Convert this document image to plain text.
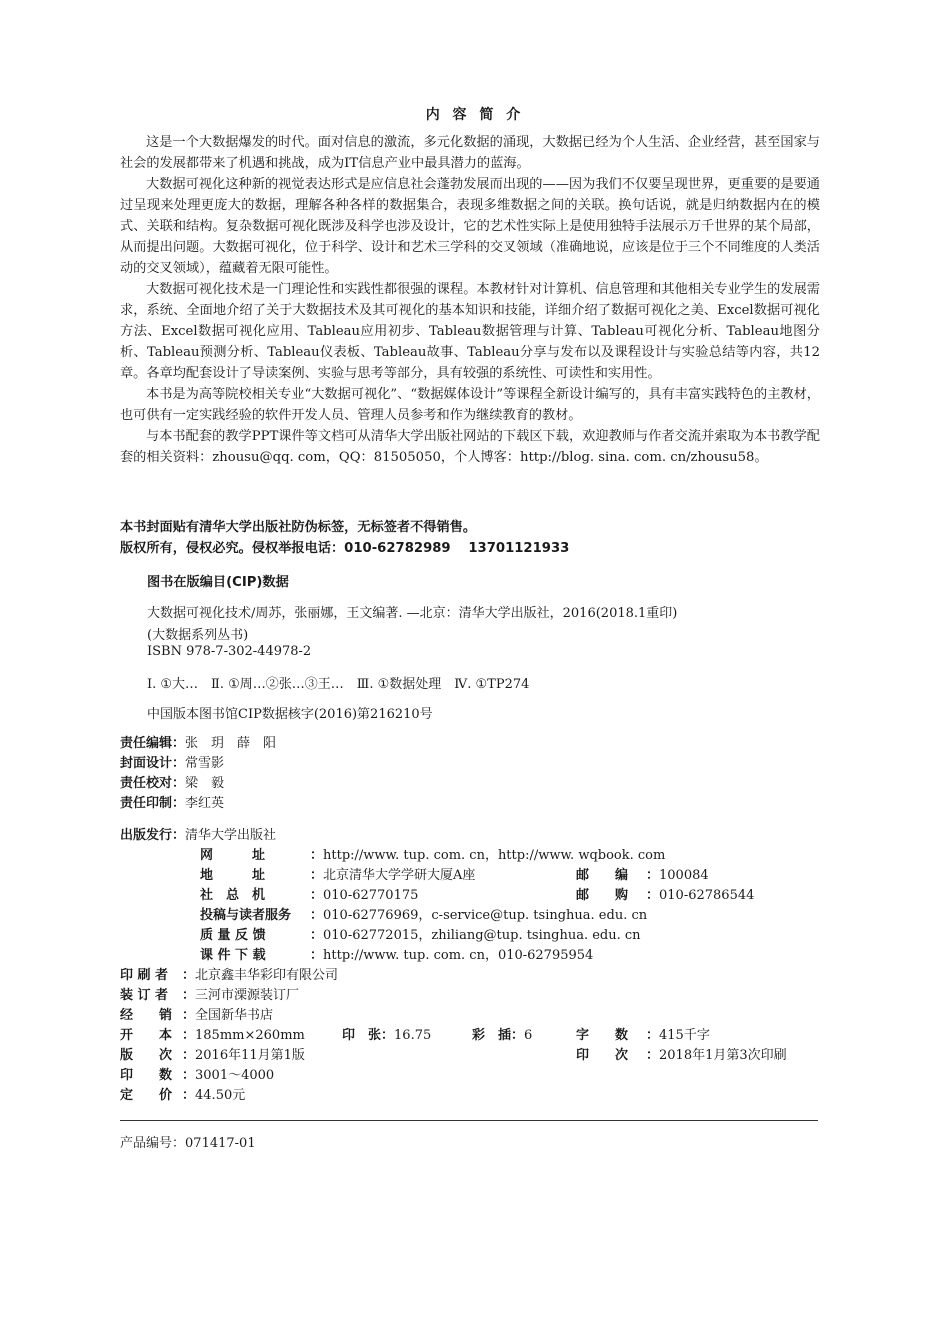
内 容 简 介

这是一个大数据爆发的时代。面对信息的激流，多元化数据的涌现，大数据已经为个人生活、企业经营，甚至国家与社会的发展都带来了机遇和挑战，成为IT信息产业中最具潜力的蓝海。

大数据可视化这种新的视觉表达形式是应信息社会蓬勃发展而出现的——因为我们不仅要呈现世界，更重要的是要通过呈现来处理更庞大的数据，理解各种各样的数据集合，表现多维数据之间的关联。换句话说，就是归纳数据内在的模式、关联和结构。复杂数据可视化既涉及科学也涉及设计，它的艺术性实际上是使用独特手法展示万千世界的某个局部，从而提出问题。大数据可视化，位于科学、设计和艺术三学科的交叉领域（准确地说，应该是位于三个不同维度的人类活动的交叉领域），蕴藏着无限可能性。

大数据可视化技术是一门理论性和实践性都很强的课程。本教材针对计算机、信息管理和其他相关专业学生的发展需求，系统、全面地介绍了关于大数据技术及其可视化的基本知识和技能，详细介绍了数据可视化之美、Excel数据可视化方法、Excel数据可视化应用、Tableau应用初步、Tableau数据管理与计算、Tableau可视化分析、Tableau地图分析、Tableau预测分析、Tableau仪表板、Tableau故事、Tableau分享与发布以及课程设计与实验总结等内容，共12章。各章均配套设计了导读案例、实验与思考等部分，具有较强的系统性、可读性和实用性。

本书是为高等院校相关专业“大数据可视化”、“数据媒体设计”等课程全新设计编写的，具有丰富实践特色的主教材，也可供有一定实践经验的软件开发人员、管理人员参考和作为继续教育的教材。

与本书配套的教学PPT课件等文档可从清华大学出版社网站的下载区下载，欢迎教师与作者交流并索取为本书教学配套的相关资料：zhousu@qq. com，QQ：81505050，个人博客：http://blog. sina. com. cn/zhousu58。

本书封面贴有清华大学出版社防伪标签，无标签者不得销售。
版权所有，侵权必究。侵权举报电话：010-62782989　 13701121933
图书在版编目(CIP)数据
大数据可视化技术/周苏，张丽娜，王文编著. —北京：清华大学出版社，2016(2018.1重印)
(大数据系列丛书)
ISBN 978-7-302-44978-2
Ⅰ. ①大…　Ⅱ. ①周…②张…③王…　Ⅲ. ①数据处理　Ⅳ. ①TP274
中国版本图书馆CIP数据核字(2016)第216210号
责任编辑：张　玥　薛　阳
封面设计：常雪影
责任校对：梁　毅
责任印制：李红英
出版发行：清华大学出版社
网　　　址	：http://www. tup. com. cn，http://www. wqbook. com
地　　　址	：北京清华大学学研大厦A座	邮　　编 ：100084
社　总　机	：010-62770175	邮　　购 ：010-62786544
投稿与读者服务 ：010-62776969，c-service@tup. tsinghua. edu. cn
质 量 反 馈	：010-62772015，zhiliang@tup. tsinghua. edu. cn
课 件 下 载	：http://www. tup. com. cn，010-62795954
印 刷 者 ：北京鑫丰华彩印有限公司
装 订 者 ：三河市溧源装订厂
经　　销 ：全国新华书店
开　　本 ：185mm×260mm	印　张：16.75	彩　插：6	字　　数 ：415千字
版　　次 ：2016年11月第1版	印　　次 ：2018年1月第3次印刷
印　　数 ：3001～4000
定　　价 ：44.50元
产品编号：071417-01
